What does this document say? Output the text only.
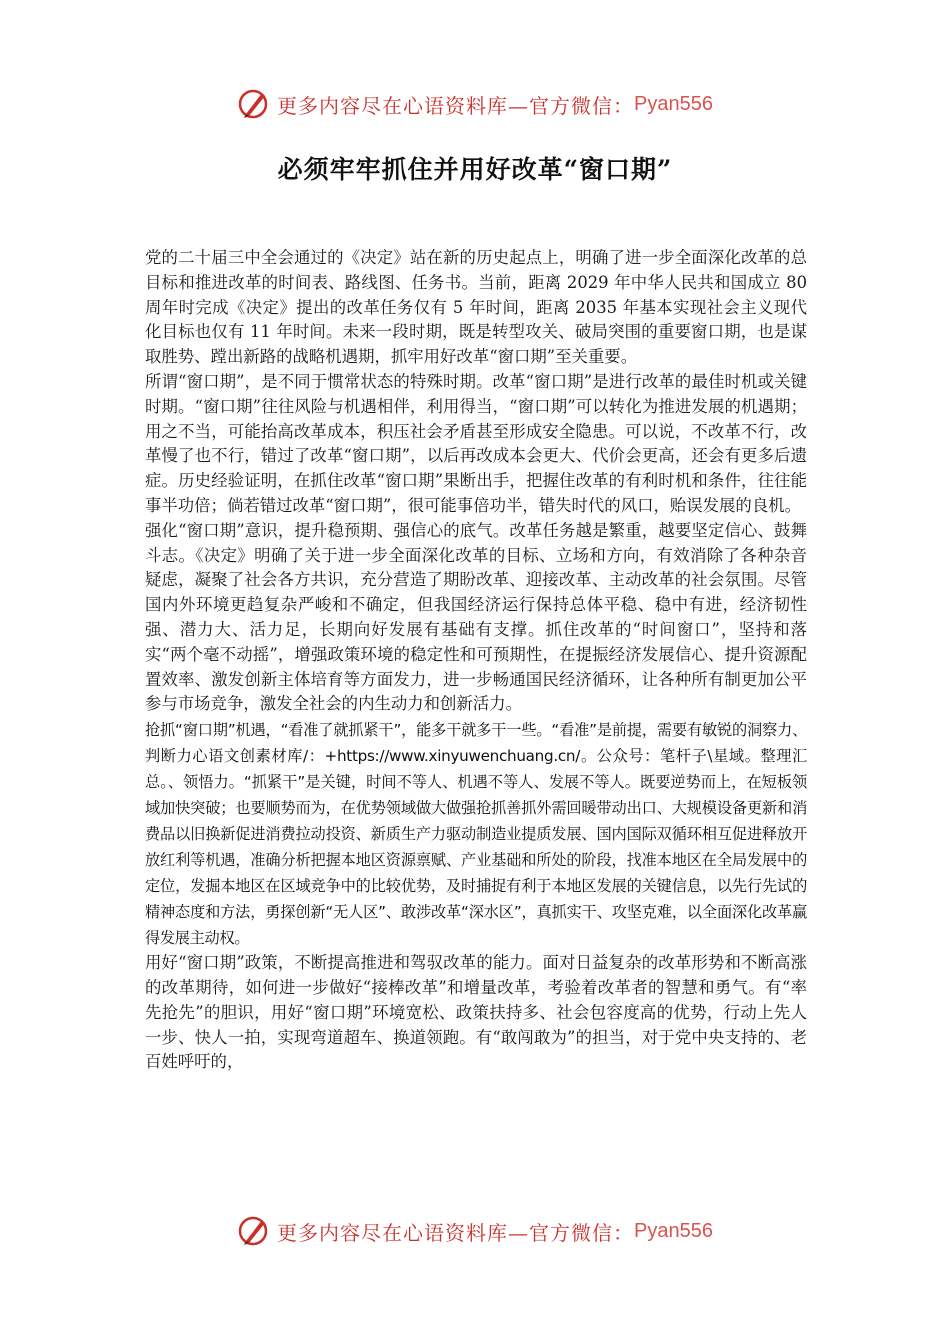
更多内容尽在心语资料库—官方微信： Pyan556
必须牢牢抓住并用好改革“窗口期”

党的二十届三中全会通过的《决定》站在新的历史起点上，明确了进一步全面深化改革的总目标和推进改革的时间表、路线图、任务书。当前，距离 2029 年中华人民共和国成立 80 周年时完成《决定》提出的改革任务仅有 5 年时间，距离 2035 年基本实现社会主义现代化目标也仅有 11 年时间。未来一段时期，既是转型攻关、破局突围的重要窗口期，也是谋取胜势、蹚出新路的战略机遇期，抓牢用好改革“窗口期”至关重要。

所谓“窗口期”，是不同于惯常状态的特殊时期。改革“窗口期”是进行改革的最佳时机或关键时期。“窗口期”往往风险与机遇相伴，利用得当，“窗口期”可以转化为推进发展的机遇期；用之不当，可能抬高改革成本，积压社会矛盾甚至形成安全隐患。可以说，不改革不行，改革慢了也不行，错过了改革“窗口期”，以后再改成本会更大、代价会更高，还会有更多后遗症。历史经验证明，在抓住改革“窗口期”果断出手，把握住改革的有利时机和条件，往往能事半功倍；倘若错过改革“窗口期”，很可能事倍功半，错失时代的风口，贻误发展的良机。

强化“窗口期”意识，提升稳预期、强信心的底气。改革任务越是繁重，越要坚定信心、鼓舞斗志。《决定》明确了关于进一步全面深化改革的目标、立场和方向，有效消除了各种杂音疑虑，凝聚了社会各方共识，充分营造了期盼改革、迎接改革、主动改革的社会氛围。尽管国内外环境更趋复杂严峻和不确定，但我国经济运行保持总体平稳、稳中有进，经济韧性强、潜力大、活力足，长期向好发展有基础有支撑。抓住改革的“时间窗口”，坚持和落实“两个毫不动摇”，增强政策环境的稳定性和可预期性，在提振经济发展信心、提升资源配置效率、激发创新主体培育等方面发力，进一步畅通国民经济循环，让各种所有制更加公平参与市场竞争，激发全社会的内生动力和创新活力。

抢抓“窗口期”机遇，“看准了就抓紧干”，能多干就多干一些。“看准”是前提，需要有敏锐的洞察力、判断力心语文创素材库/：+https://www.xinyuwenchuang.cn/。公众号：笔杆子\星域。整理汇总。、领悟力。“抓紧干”是关键，时间不等人、机遇不等人、发展不等人。既要逆势而上，在短板领域加快突破；也要顺势而为，在优势领域做大做强抢抓善抓外需回暖带动出口、大规模设备更新和消费品以旧换新促进消费拉动投资、新质生产力驱动制造业提质发展、国内国际双循环相互促进释放开放红利等机遇，准确分析把握本地区资源禀赋、产业基础和所处的阶段，找准本地区在全局发展中的定位，发掘本地区在区域竞争中的比较优势，及时捕捉有利于本地区发展的关键信息，以先行先试的精神态度和方法，勇探创新“无人区”、敢涉改革“深水区”，真抓实干、攻坚克难，以全面深化改革赢得发展主动权。

用好“窗口期”政策，不断提高推进和驾驭改革的能力。面对日益复杂的改革形势和不断高涨的改革期待，如何进一步做好“接棒改革”和增量改革，考验着改革者的智慧和勇气。有“率先抢先”的胆识，用好“窗口期”环境宽松、政策扶持多、社会包容度高的优势，行动上先人一步、快人一拍，实现弯道超车、换道领跑。有“敢闯敢为”的担当，对于党中央支持的、老百姓呼吁的，

更多内容尽在心语资料库—官方微信： Pyan556
